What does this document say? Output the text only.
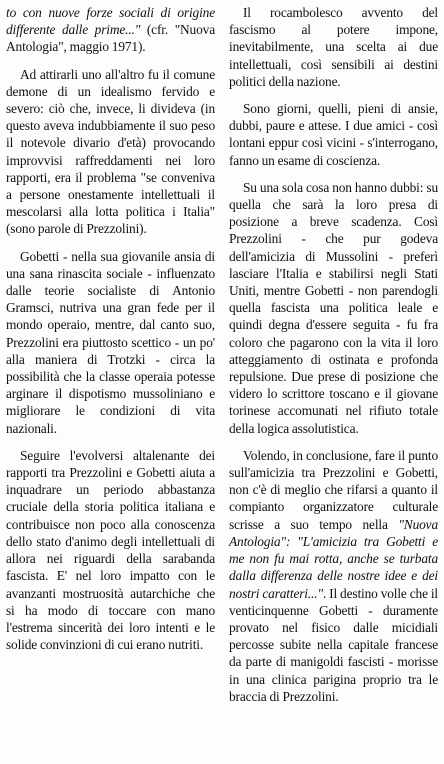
to con nuove forze sociali di origine differente dalle prime..." (cfr. "Nuova Antologia", maggio 1971).

Ad attirarli uno all'altro fu il comune demone di un idealismo fervido e severo: ciò che, invece, li divideva (in questo aveva indubbiamente il suo peso il notevole divario d'età) provocando improvvisi raffreddamenti nei loro rapporti, era il problema "se conveniva a persone onestamente intellettuali il mescolarsi alla lotta politica i Italia" (sono parole di Prezzolini).

Gobetti - nella sua giovanile ansia di una sana rinascita sociale - influenzato dalle teorie socialiste di Antonio Gramsci, nutriva una gran fede per il mondo operaio, mentre, dal canto suo, Prezzolini era piuttosto scettico - un po' alla maniera di Trotzki - circa la possibilità che la classe operaia potesse arginare il dispotismo mussoliniano e migliorare le condizioni di vita nazionali.

Seguire l'evolversi altalenante dei rapporti tra Prezzolini e Gobetti aiuta a inquadrare un periodo abbastanza cruciale della storia politica italiana e contribuisce non poco alla conoscenza dello stato d'animo degli intellettuali di allora nei riguardi della sarabanda fascista. E' nel loro impatto con le avanzanti mostruosità autarchiche che si ha modo di toccare con mano l'estrema sincerità dei loro intenti e le solide convinzioni di cui erano nutriti.

Il rocambolesco avvento del fascismo al potere impone, inevitabilmente, una scelta ai due intellettuali, così sensibili ai destini politici della nazione.

Sono giorni, quelli, pieni di ansie, dubbi, paure e attese. I due amici - così lontani eppur così vicini - s'interrogano, fanno un esame di coscienza.

Su una sola cosa non hanno dubbi: su quella che sarà la loro presa di posizione a breve scadenza. Così Prezzolini - che pur godeva dell'amicizia di Mussolini - preferì lasciare l'Italia e stabilirsi negli Stati Uniti, mentre Gobetti - non parendogli quella fascista una politica leale e quindi degna d'essere seguita - fu fra coloro che pagarono con la vita il loro atteggiamento di ostinata e profonda repulsione. Due prese di posizione che videro lo scrittore toscano e il giovane torinese accomunati nel rifiuto totale della logica assolutistica.

Volendo, in conclusione, fare il punto sull'amicizia tra Prezzolini e Gobetti, non c'è di meglio che rifarsi a quanto il compianto organizzatore culturale scrisse a suo tempo nella "Nuova Antologia": "L'amicizia tra Gobetti e me non fu mai rotta, anche se turbata dalla differenza delle nostre idee e dei nostri caratteri...". Il destino volle che il venticinquenne Gobetti - duramente provato nel fisico dalle micidiali percosse subite nella capitale francese da parte di manigoldi fascisti - morisse in una clinica parigina proprio tra le braccia di Prezzolini.
